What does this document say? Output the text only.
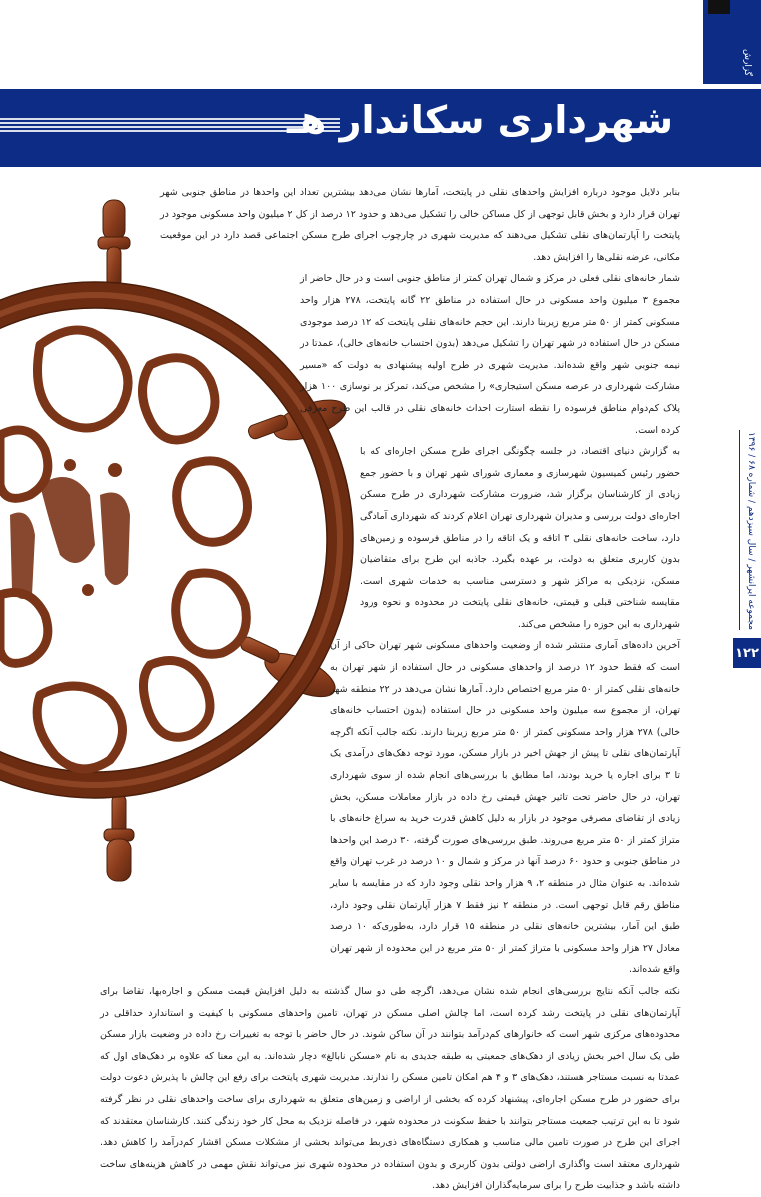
گزارش
شهرداری سکاندار هـ
مجموعه ایرانشهر / سال سیزدهم / شماره ۶۸ / ۱۳۹۶
۱۲۲

بنابر دلایل موجود درباره افزایش واحدهای نقلی در پایتخت، آمارها نشان می‌دهد بیشترین تعداد این واحدها در مناطق جنوبی شهر تهران قرار دارد و بخش قابل توجهی از کل مساکن خالی را تشکیل می‌دهد و حدود ۱۲ درصد از کل ۲ میلیون واحد مسکونی موجود در پایتخت را آپارتمان‌های نقلی تشکیل می‌دهند که مدیریت شهری در چارچوب اجرای طرح مسکن اجتماعی قصد دارد در این موقعیت مکانی، عرضه نقلی‌ها را افزایش دهد.

شمار خانه‌های نقلی فعلی در مرکز و شمال تهران کمتر از مناطق جنوبی است و در حال حاضر از مجموع ۳ میلیون واحد مسکونی در حال استفاده در مناطق ۲۲ گانه پایتخت، ۲۷۸ هزار واحد مسکونی کمتر از ۵۰ متر مربع زیربنا دارند. این حجم خانه‌های نقلی پایتخت که ۱۲ درصد موجودی مسکن در حال استفاده در شهر تهران را تشکیل می‌دهد (بدون احتساب خانه‌های خالی)، عمدتا در نیمه جنوبی شهر واقع شده‌اند. مدیریت شهری در طرح اولیه پیشنهادی به دولت که «مسیر مشارکت شهرداری در عرصه مسکن استیجاری» را مشخص می‌کند، تمرکز بر نوسازی ۱۰۰ هزار پلاک کم‌دوام مناطق فرسوده را نقطه استارت احداث خانه‌های نقلی در قالب این طرح معرفی کرده است.

به گزارش دنیای اقتصاد، در جلسه چگونگی اجرای طرح مسکن اجاره‌ای که با حضور رئیس کمیسیون شهرسازی و معماری شورای شهر تهران و با حضور جمع زیادی از کارشناسان برگزار شد، ضرورت مشارکت شهرداری در طرح مسکن اجاره‌ای دولت بررسی و مدیران شهرداری تهران اعلام کردند که شهرداری آمادگی دارد، ساخت خانه‌های نقلی ۳ اتاقه و یک اتاقه را در مناطق فرسوده و زمین‌های بدون کاربری متعلق به دولت، بر عهده بگیرد. جاذبه این طرح برای متقاضیان مسکن، نزدیکی به مراکز شهر و دسترسی مناسب به خدمات شهری است. مقایسه شناختی قبلی و قیمتی، خانه‌های نقلی پایتخت در محدوده و نحوه ورود شهرداری به این حوزه را مشخص می‌کند.

آخرین داده‌های آماری منتشر شده از وضعیت واحدهای مسکونی شهر تهران حاکی از آن است که فقط حدود ۱۲ درصد از واحدهای مسکونی در حال استفاده از شهر تهران به خانه‌های نقلی کمتر از ۵۰ متر مربع اختصاص دارد. آمارها نشان می‌دهد در ۲۲ منطقه شهر تهران، از مجموع سه میلیون واحد مسکونی در حال استفاده (بدون احتساب خانه‌های خالی) ۲۷۸ هزار واحد مسکونی کمتر از ۵۰ متر مربع زیربنا دارند. نکته جالب آنکه اگرچه آپارتمان‌های نقلی تا پیش از جهش اخیر در بازار مسکن، مورد توجه دهک‌های درآمدی یک تا ۳ برای اجاره یا خرید بودند، اما مطابق با بررسی‌های انجام شده از سوی شهرداری تهران، در حال حاضر تحت تاثیر جهش قیمتی رخ داده در بازار معاملات مسکن، بخش زیادی از تقاضای مصرفی موجود در بازار به دلیل کاهش قدرت خرید به سراغ خانه‌های با متراژ کمتر از ۵۰ متر مربع می‌روند. طبق بررسی‌های صورت گرفته، ۳۰ درصد این واحدها در مناطق جنوبی و حدود ۶۰ درصد آنها در مرکز و شمال و ۱۰ درصد در غرب تهران واقع شده‌اند. به عنوان مثال در منطقه ۲، ۹ هزار واحد نقلی وجود دارد که در مقایسه با سایر مناطق رقم قابل توجهی است. در منطقه ۲ نیز فقط ۷ هزار آپارتمان نقلی وجود دارد، طبق این آمار، بیشترین خانه‌های نقلی در منطقه ۱۵ قرار دارد، به‌طوری‌که ۱۰ درصد معادل ۲۷ هزار واحد مسکونی با متراژ کمتر از ۵۰ متر مربع در این محدوده از شهر تهران واقع شده‌اند.

نکته جالب آنکه نتایج بررسی‌های انجام شده نشان می‌دهد، اگرچه طی دو سال گذشته به دلیل افزایش قیمت مسکن و اجاره‌بها، تقاضا برای آپارتمان‌های نقلی در پایتخت رشد کرده است، اما چالش اصلی مسکن در تهران، تامین واحدهای مسکونی با کیفیت و استاندارد حداقلی در محدوده‌های مرکزی شهر است که خانوارهای کم‌درآمد بتوانند در آن ساکن شوند. در حال حاضر با توجه به تغییرات رخ داده در وضعیت بازار مسکن طی یک سال اخیر بخش زیادی از دهک‌های جمعیتی به طبقه جدیدی به نام «مسکن نابالغ» دچار شده‌اند. به این معنا که علاوه بر دهک‌های اول که عمدتا به نسبت مستاجر هستند، دهک‌های ۳ و ۴ هم امکان تامین مسکن را ندارند. مدیریت شهری پایتخت برای رفع این چالش با پذیرش دعوت دولت برای حضور در طرح مسکن اجاره‌ای، پیشنهاد کرده که بخشی از اراضی و زمین‌های متعلق به شهرداری برای ساخت واحدهای نقلی در نظر گرفته شود تا به این ترتیب جمعیت مستاجر بتوانند با حفظ سکونت در محدوده شهر، در فاصله نزدیک به محل کار خود زندگی کنند. کارشناسان معتقدند که اجرای این طرح در صورت تامین مالی مناسب و همکاری دستگاه‌های ذی‌ربط می‌تواند بخشی از مشکلات مسکن اقشار کم‌درآمد را کاهش دهد. شهرداری معتقد است واگذاری اراضی دولتی بدون کاربری و بدون استفاده در محدوده شهری نیز می‌تواند نقش مهمی در کاهش هزینه‌های ساخت داشته باشد و جذابیت طرح را برای سرمایه‌گذاران افزایش دهد.
